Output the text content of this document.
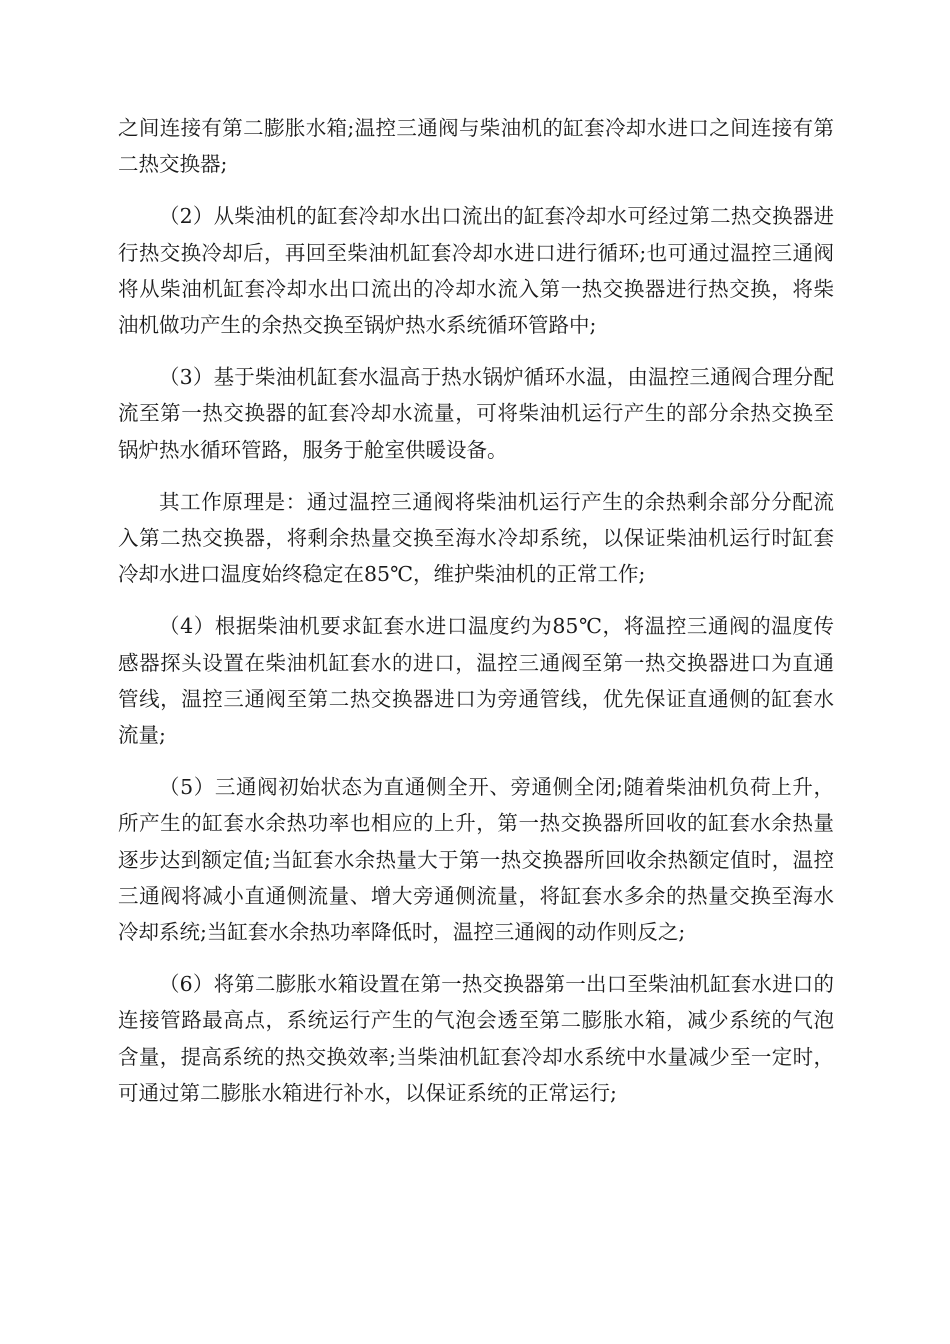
之间连接有第二膨胀水箱;温控三通阀与柴油机的缸套冷却水进口之间连接有第二热交换器;

（2）从柴油机的缸套冷却水出口流出的缸套冷却水可经过第二热交换器进行热交换冷却后，再回至柴油机缸套冷却水进口进行循环;也可通过温控三通阀将从柴油机缸套冷却水出口流出的冷却水流入第一热交换器进行热交换，将柴油机做功产生的余热交换至锅炉热水系统循环管路中;

（3）基于柴油机缸套水温高于热水锅炉循环水温，由温控三通阀合理分配流至第一热交换器的缸套冷却水流量，可将柴油机运行产生的部分余热交换至锅炉热水循环管路，服务于舱室供暖设备。

其工作原理是：通过温控三通阀将柴油机运行产生的余热剩余部分分配流入第二热交换器，将剩余热量交换至海水冷却系统，以保证柴油机运行时缸套冷却水进口温度始终稳定在85℃，维护柴油机的正常工作;

（4）根据柴油机要求缸套水进口温度约为85℃，将温控三通阀的温度传感器探头设置在柴油机缸套水的进口，温控三通阀至第一热交换器进口为直通管线，温控三通阀至第二热交换器进口为旁通管线，优先保证直通侧的缸套水流量;

（5）三通阀初始状态为直通侧全开、旁通侧全闭;随着柴油机负荷上升，所产生的缸套水余热功率也相应的上升，第一热交换器所回收的缸套水余热量逐步达到额定值;当缸套水余热量大于第一热交换器所回收余热额定值时，温控三通阀将减小直通侧流量、增大旁通侧流量，将缸套水多余的热量交换至海水冷却系统;当缸套水余热功率降低时，温控三通阀的动作则反之;

（6）将第二膨胀水箱设置在第一热交换器第一出口至柴油机缸套水进口的连接管路最高点，系统运行产生的气泡会透至第二膨胀水箱，减少系统的气泡含量，提高系统的热交换效率;当柴油机缸套冷却水系统中水量减少至一定时，可通过第二膨胀水箱进行补水，以保证系统的正常运行;
